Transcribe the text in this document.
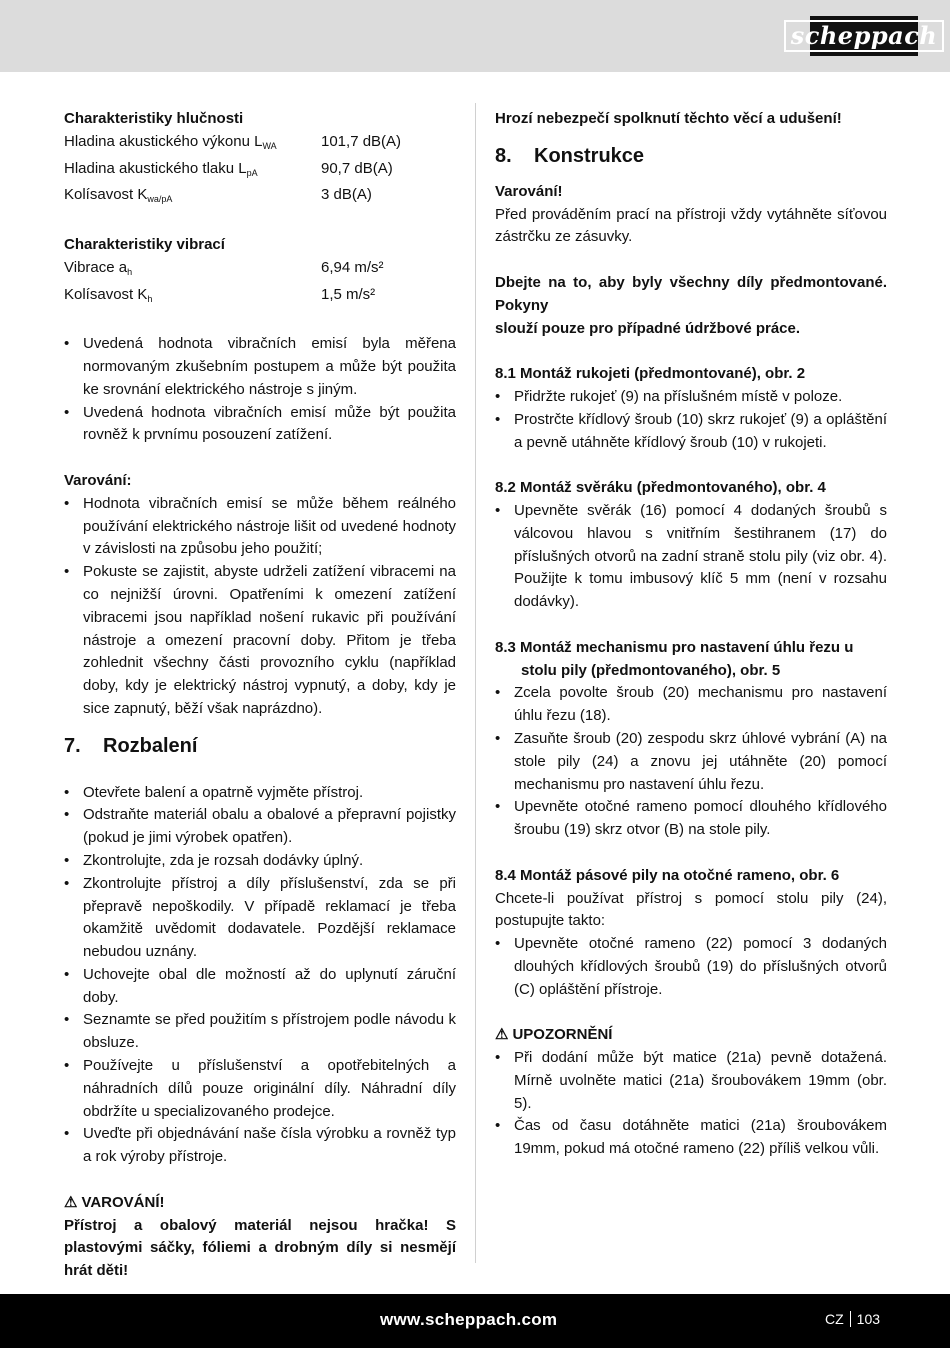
scheppach
Charakteristiky hlučnosti
Hladina akustického výkonu $L_{WA}$	101,7 dB(A)
Hladina akustického tlaku $L_{pA}$	90,7 dB(A)
Kolísavost $K_{wa/pA}$	3 dB(A)
Charakteristiky vibrací
Vibrace $a_h$	6,94 m/s²
Kolísavost $K_h$	1,5 m/s²
• Uvedená hodnota vibračních emisí byla měřena normovaným zkušebním postupem a může být použita ke srovnání elektrického nástroje s jiným.
• Uvedená hodnota vibračních emisí může být použita rovněž k prvnímu posouzení zatížení.
Varování:
• Hodnota vibračních emisí se může během reálného používání elektrického nástroje lišit od uvedené hodnoty v závislosti na způsobu jeho použití;
• Pokuste se zajistit, abyste udrželi zatížení vibracemi na co nejnižší úrovni. Opatřeními k omezení zatížení vibracemi jsou například nošení rukavic při používání nástroje a omezení pracovní doby. Přitom je třeba zohlednit všechny části provozního cyklu (například doby, kdy je elektrický nástroj vypnutý, a doby, kdy je sice zapnutý, běží však naprázdno).
7.	Rozbalení
• Otevřete balení a opatrně vyjměte přístroj.
• Odstraňte materiál obalu a obalové a přepravní pojistky (pokud je jimi výrobek opatřen).
• Zkontrolujte, zda je rozsah dodávky úplný.
• Zkontrolujte přístroj a díly příslušenství, zda se při přepravě nepoškodily. V případě reklamací je třeba okamžitě uvědomit dodavatele. Pozdější reklamace nebudou uznány.
• Uchovejte obal dle možností až do uplynutí záruční doby.
• Seznamte se před použitím s přístrojem podle návodu k obsluze.
• Používejte u příslušenství a opotřebitelných a náhradních dílů pouze originální díly. Náhradní díly obdržíte u specializovaného prodejce.
• Uveďte při objednávání naše čísla výrobku a rovněž typ a rok výroby přístroje.
⚠ VAROVÁNÍ!

Přístroj a obalový materiál nejsou hračka! S plastovými sáčky, fóliemi a drobným díly si nesmějí hrát děti!

Hrozí nebezpečí spolknutí těchto věcí a udušení!
8.	Konstrukce
Varování!

Před prováděním prací na přístroji vždy vytáhněte síťovou zástrčku ze zásuvky.

Dbejte na to, aby byly všechny díly předmontované. Pokyny

slouží pouze pro případné údržbové práce.

8.1 Montáž rukojeti (předmontované), obr. 2
• Přidržte rukojeť (9) na příslušném místě v poloze.
• Prostrčte křídlový šroub (10) skrz rukojeť (9) a opláštění a pevně utáhněte křídlový šroub (10) v rukojeti.
8.2 Montáž svěráku (předmontovaného), obr. 4
• Upevněte svěrák (16) pomocí 4 dodaných šroubů s válcovou hlavou s vnitřním šestihranem (17) do příslušných otvorů na zadní straně stolu pily (viz obr. 4). Použijte k tomu imbusový klíč 5 mm (není v rozsahu dodávky).
8.3 Montáž mechanismu pro nastavení úhlu řezu u
stolu pily (předmontovaného), obr. 5
• Zcela povolte šroub (20) mechanismu pro nastavení úhlu řezu (18).
• Zasuňte šroub (20) zespodu skrz úhlové vybrání (A) na stole pily (24) a znovu jej utáhněte (20) pomocí mechanismu pro nastavení úhlu řezu.
• Upevněte otočné rameno pomocí dlouhého křídlového šroubu (19) skrz otvor (B) na stole pily.
8.4 Montáž pásové pily na otočné rameno, obr. 6

Chcete-li používat přístroj s pomocí stolu pily (24), postupujte takto:

• Upevněte otočné rameno (22) pomocí 3 dodaných dlouhých křídlových šroubů (19) do příslušných otvorů (C) opláštění přístroje.
⚠ UPOZORNĚNÍ
• Při dodání může být matice (21a) pevně dotažená. Mírně uvolněte matici (21a) šroubovákem 19mm (obr. 5).
• Čas od času dotáhněte matici (21a) šroubovákem 19mm, pokud má otočné rameno (22) příliš velkou vůli.
www.scheppach.com	CZ 103
